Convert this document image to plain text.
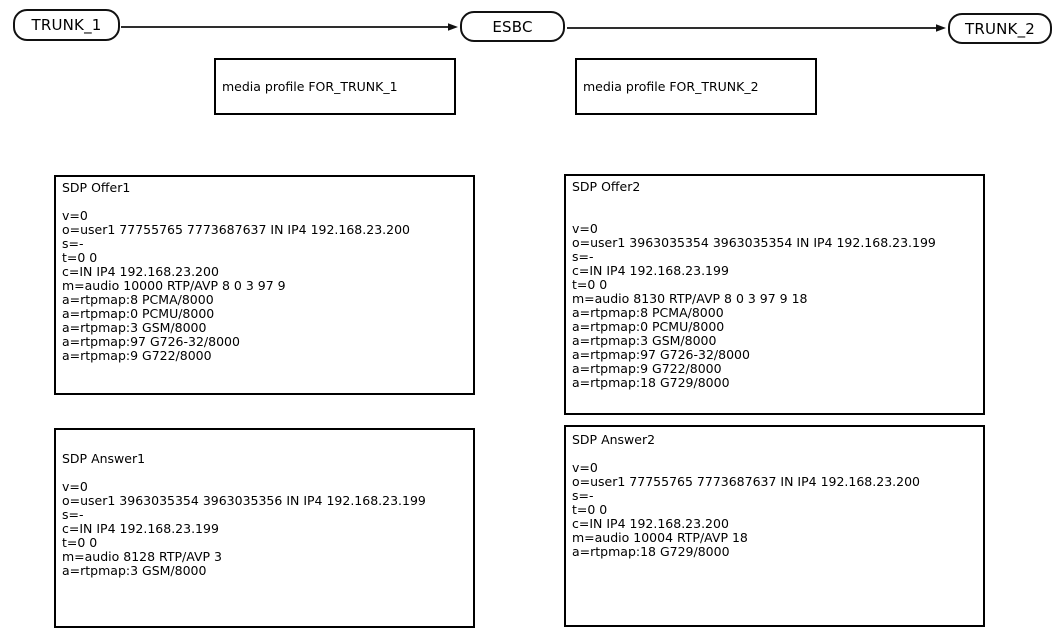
TRUNK_1	ESBC	TRUNK_2
media profile FOR_TRUNK_1	media profile FOR_TRUNK_2
SDP Offer1

v=0
o=user1 77755765 7773687637 IN IP4 192.168.23.200
s=-
t=0 0
c=IN IP4 192.168.23.200
m=audio 10000 RTP/AVP 8 0 3 97 9
a=rtpmap:8 PCMA/8000
a=rtpmap:0 PCMU/8000
a=rtpmap:3 GSM/8000
a=rtpmap:97 G726-32/8000
a=rtpmap:9 G722/8000
SDP Offer2

v=0
o=user1 3963035354 3963035354 IN IP4 192.168.23.199
s=-
c=IN IP4 192.168.23.199
t=0 0
m=audio 8130 RTP/AVP 8 0 3 97 9 18
a=rtpmap:8 PCMA/8000
a=rtpmap:0 PCMU/8000
a=rtpmap:3 GSM/8000
a=rtpmap:97 G726-32/8000
a=rtpmap:9 G722/8000
a=rtpmap:18 G729/8000
SDP Answer1

v=0
o=user1 3963035354 3963035356 IN IP4 192.168.23.199
s=-
c=IN IP4 192.168.23.199
t=0 0
m=audio 8128 RTP/AVP 3
a=rtpmap:3 GSM/8000
SDP Answer2

v=0
o=user1 77755765 7773687637 IN IP4 192.168.23.200
s=-
t=0 0
c=IN IP4 192.168.23.200
m=audio 10004 RTP/AVP 18
a=rtpmap:18 G729/8000
